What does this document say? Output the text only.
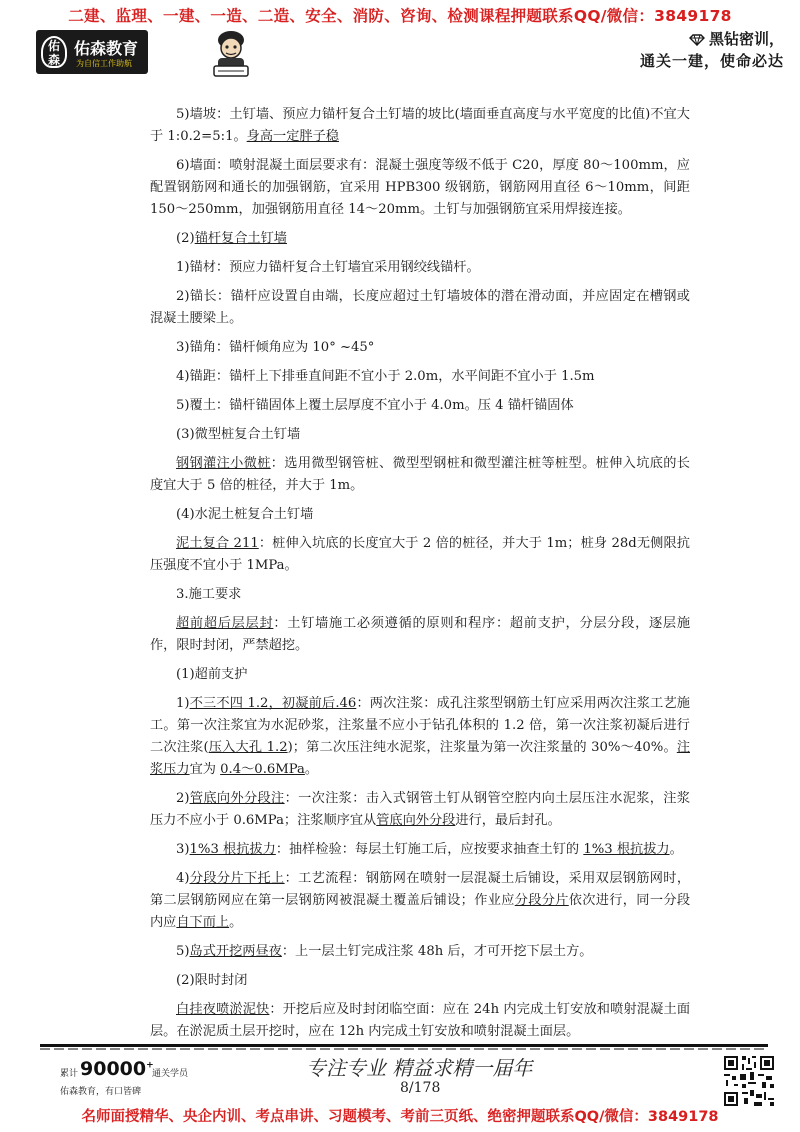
二建、监理、一建、一造、二造、安全、消防、咨询、检测课程押题联系QQ/微信：3849178
佑森
佑森教育
为自信工作助航
黑钻密训，
通关一建，使命必达

5)墙坡：土钉墙、预应力锚杆复合土钉墙的坡比(墙面垂直高度与水平宽度的比值)不宜大于 1:0.2=5:1。身高一定胖子稳

6)墙面：喷射混凝土面层要求有：混凝土强度等级不低于 C20，厚度 80～100mm，应配置钢筋网和通长的加强钢筋，宜采用 HPB300 级钢筋，钢筋网用直径 6～10mm，间距 150～250mm，加强钢筋用直径 14～20mm。土钉与加强钢筋宜采用焊接连接。

(2)锚杆复合土钉墙

1)锚材：预应力锚杆复合土钉墙宜采用钢绞线锚杆。

2)锚长：锚杆应设置自由端，长度应超过土钉墙坡体的潜在滑动面，并应固定在槽钢或混凝土腰梁上。

3)锚角：锚杆倾角应为 10° ~45°

4)锚距：锚杆上下排垂直间距不宜小于 2.0m，水平间距不宜小于 1.5m

5)覆土：锚杆锚固体上覆土层厚度不宜小于 4.0m。压 4 锚杆锚固体

(3)微型桩复合土钉墙

钢钢灌注小微桩：选用微型钢管桩、微型型钢桩和微型灌注桩等桩型。桩伸入坑底的长度宜大于 5 倍的桩径，并大于 1m。

(4)水泥土桩复合土钉墙

泥土复合 211：桩伸入坑底的长度宜大于 2 倍的桩径，并大于 1m；桩身 28d无侧限抗压强度不宜小于 1MPa。

3.施工要求

超前超后层层封：土钉墙施工必须遵循的原则和程序：超前支护，分层分段，逐层施作，限时封闭，严禁超挖。

(1)超前支护

1)不三不四 1.2，初凝前后.46：两次注浆：成孔注浆型钢筋土钉应采用两次注浆工艺施工。第一次注浆宜为水泥砂浆，注浆量不应小于钻孔体积的 1.2 倍，第一次注浆初凝后进行二次注浆(压入大孔 1.2)；第二次压注纯水泥浆，注浆量为第一次注浆量的 30%～40%。注浆压力宜为 0.4～0.6MPa。

2)管底向外分段注：一次注浆：击入式钢管土钉从钢管空腔内向土层压注水泥浆，注浆压力不应小于 0.6MPa；注浆顺序宜从管底向外分段进行，最后封孔。

3)1%3 根抗拔力：抽样检验：每层土钉施工后，应按要求抽查土钉的 1%3 根抗拔力。

4)分段分片下托上：工艺流程：钢筋网在喷射一层混凝土后铺设，采用双层钢筋网时，第二层钢筋网应在第一层钢筋网被混凝土覆盖后铺设；作业应分段分片依次进行，同一分段内应自下而上。

5)岛式开挖两昼夜：上一层土钉完成注浆 48h 后，才可开挖下层土方。

(2)限时封闭

白挂夜喷淤泥快：开挖后应及时封闭临空面：应在 24h 内完成土钉安放和喷射混凝土面层。在淤泥质土层开挖时，应在 12h 内完成土钉安放和喷射混凝土面层。

累计 90000+
通关学员
佑森教育，有口皆碑
专注专业 精益求精一届年
8/178
名师面授精华、央企内训、考点串讲、习题模考、考前三页纸、绝密押题联系QQ/微信：3849178
